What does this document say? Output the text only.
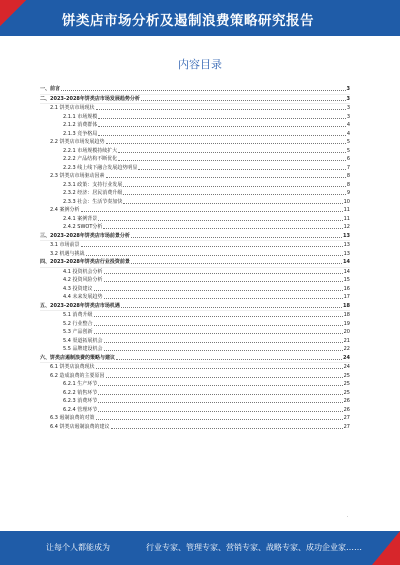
饼类店市场分析及遏制浪费策略研究报告
内容目录
一、前言	3
二、2023-2028年饼类店市场发展趋势分析	3
2.1 饼类店市场现状	3
2.1.1 市场规模	3
2.1.2 消费群体	4
2.1.3 竞争格局	4
2.2 饼类店市场发展趋势	5
2.2.1 市场规模持续扩大	5
2.2.2 产品结构不断优化	6
2.2.3 线上线下融合发展趋势明显	7
2.3 饼类店市场驱动因素	8
2.3.1 政策：支持行业发展	8
2.3.2 经济：居民消费升级	9
2.3.3 社会：生活节奏加快	10
2.4 案例分析	11
2.4.1 案例背景	11
2.4.2 SWOT分析	12
三、2023-2028年饼类店市场前景分析	13
3.1 市场前景	13
3.2 机遇与挑战	13
四、2023-2028年饼类店行业投资前景	14
4.1 投资机会分析	14
4.2 投资风险分析	15
4.3 投资建议	16
4.4 未来发展趋势	17
五、2023-2028年饼类店市场机遇	18
5.1 消费升级	18
5.2 行业整合	19
5.3 产品创新	20
5.4 渠道拓展机会	21
5.5 品牌建设机会	22
六、饼类店遏制浪费的策略与建议	24
6.1 饼类店浪费现状	24
6.2 造成浪费的主要原因	25
6.2.1 生产环节	25
6.2.2 销售环节	25
6.2.3 消费环节	26
6.2.4 管理环节	26
6.3 遏制浪费的对策	27
6.4 饼类店遏制浪费的建议	27
·
让每个人都能成为	行业专家、管理专家、营销专家、战略专家、成功企业家……
